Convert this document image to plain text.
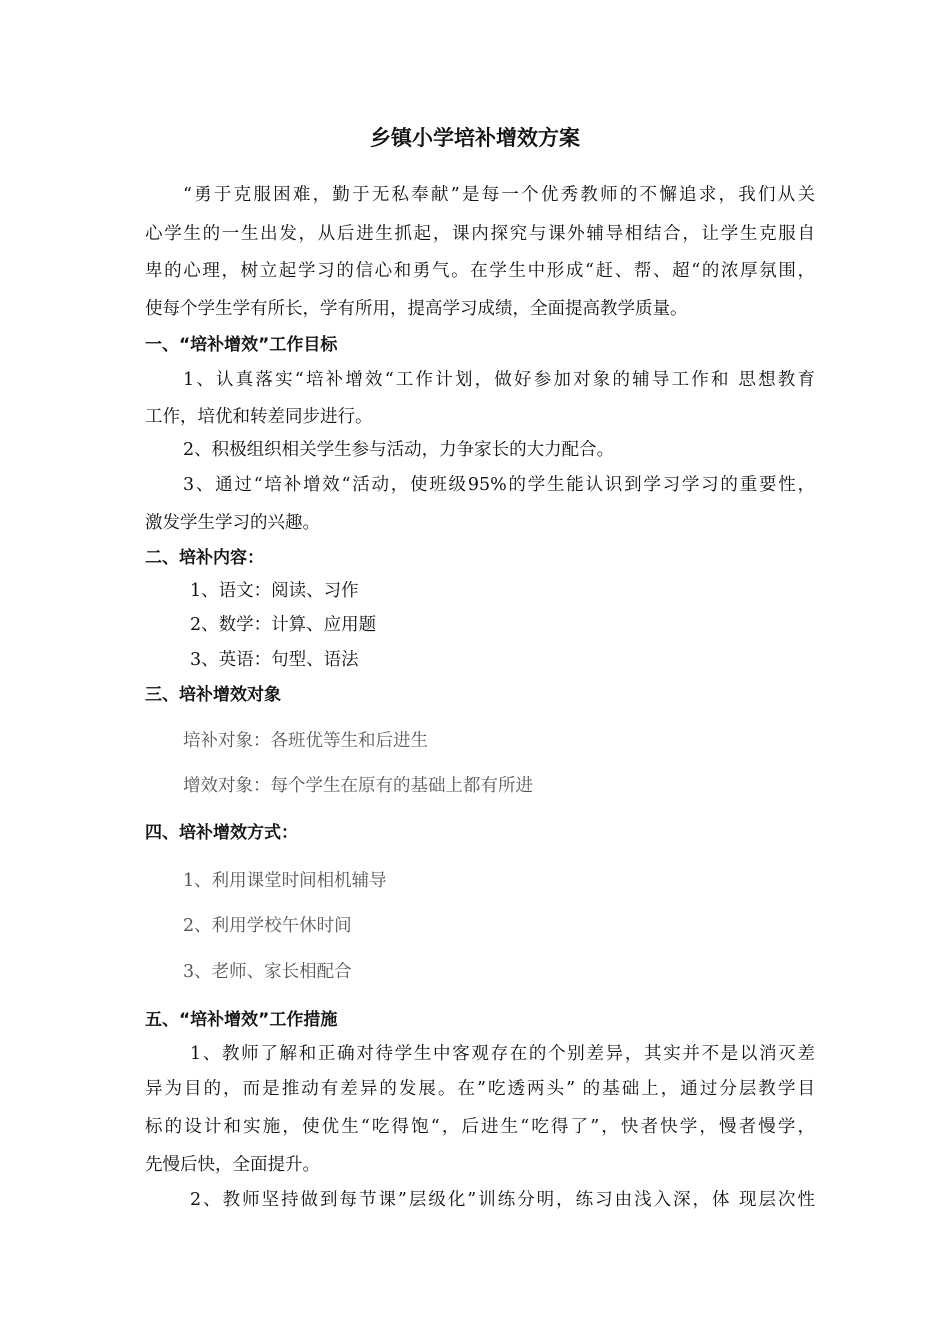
乡镇小学培补增效方案
“勇于克服困难，勤于无私奉献”是每一个优秀教师的不懈追求，我们从关
心学生的一生出发，从后进生抓起，课内探究与课外辅导相结合，让学生克服自
卑的心理，树立起学习的信心和勇气。在学生中形成“赶、帮、超“的浓厚氛围，
使每个学生学有所长，学有所用，提高学习成绩，全面提高教学质量。
一、“培补增效”工作目标
1、认真落实“培补增效“工作计划，做好参加对象的辅导工作和 思想教育
工作，培优和转差同步进行。
2、积极组织相关学生参与活动，力争家长的大力配合。
3、通过“培补增效“活动，使班级95%的学生能认识到学习学习的重要性，
激发学生学习的兴趣。
二、培补内容：
1、语文：阅读、习作
2、数学：计算、应用题
3、英语：句型、语法
三、培补增效对象
培补对象：各班优等生和后进生
增效对象：每个学生在原有的基础上都有所进
四、培补增效方式：
1、利用课堂时间相机辅导
2、利用学校午休时间
3、老师、家长相配合
五、“培补增效”工作措施
1、教师了解和正确对待学生中客观存在的个别差异，其实并不是以消灭差
异为目的，而是推动有差异的发展。在”吃透两头” 的基础上，通过分层教学目
标的设计和实施，使优生“吃得饱“，后进生“吃得了”，快者快学，慢者慢学，
先慢后快，全面提升。
2、教师坚持做到每节课”层级化”训练分明，练习由浅入深，体 现层次性
